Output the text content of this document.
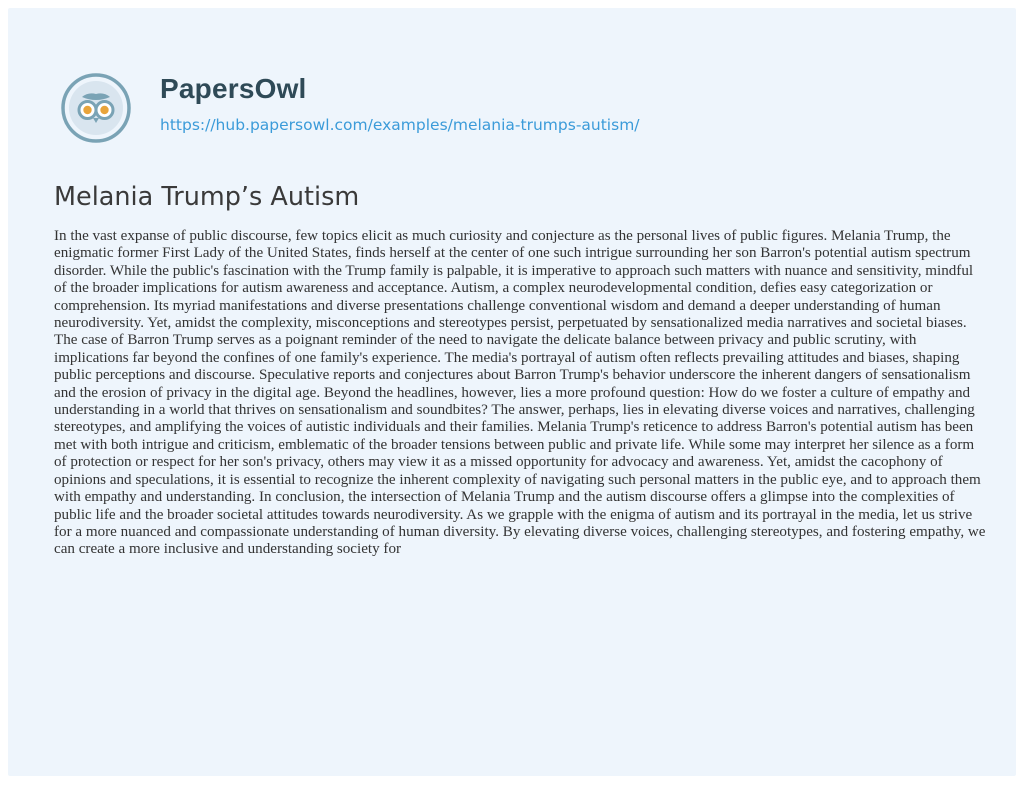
PapersOwl
https://hub.papersowl.com/examples/melania-trumps-autism/
Melania Trump’s Autism

In the vast expanse of public discourse, few topics elicit as much curiosity and conjecture as the personal lives of public figures. Melania Trump, the enigmatic former First Lady of the United States, finds herself at the center of one such intrigue surrounding her son Barron's potential autism spectrum disorder. While the public's fascination with the Trump family is palpable, it is imperative to approach such matters with nuance and sensitivity, mindful of the broader implications for autism awareness and acceptance. Autism, a complex neurodevelopmental condition, defies easy categorization or comprehension. Its myriad manifestations and diverse presentations challenge conventional wisdom and demand a deeper understanding of human neurodiversity. Yet, amidst the complexity, misconceptions and stereotypes persist, perpetuated by sensationalized media narratives and societal biases. The case of Barron Trump serves as a poignant reminder of the need to navigate the delicate balance between privacy and public scrutiny, with implications far beyond the confines of one family's experience. The media's portrayal of autism often reflects prevailing attitudes and biases, shaping public perceptions and discourse. Speculative reports and conjectures about Barron Trump's behavior underscore the inherent dangers of sensationalism and the erosion of privacy in the digital age. Beyond the headlines, however, lies a more profound question: How do we foster a culture of empathy and understanding in a world that thrives on sensationalism and soundbites? The answer, perhaps, lies in elevating diverse voices and narratives, challenging stereotypes, and amplifying the voices of autistic individuals and their families. Melania Trump's reticence to address Barron's potential autism has been met with both intrigue and criticism, emblematic of the broader tensions between public and private life. While some may interpret her silence as a form of protection or respect for her son's privacy, others may view it as a missed opportunity for advocacy and awareness. Yet, amidst the cacophony of opinions and speculations, it is essential to recognize the inherent complexity of navigating such personal matters in the public eye, and to approach them with empathy and understanding. In conclusion, the intersection of Melania Trump and the autism discourse offers a glimpse into the complexities of public life and the broader societal attitudes towards neurodiversity. As we grapple with the enigma of autism and its portrayal in the media, let us strive for a more nuanced and compassionate understanding of human diversity. By elevating diverse voices, challenging stereotypes, and fostering empathy, we can create a more inclusive and understanding society for
